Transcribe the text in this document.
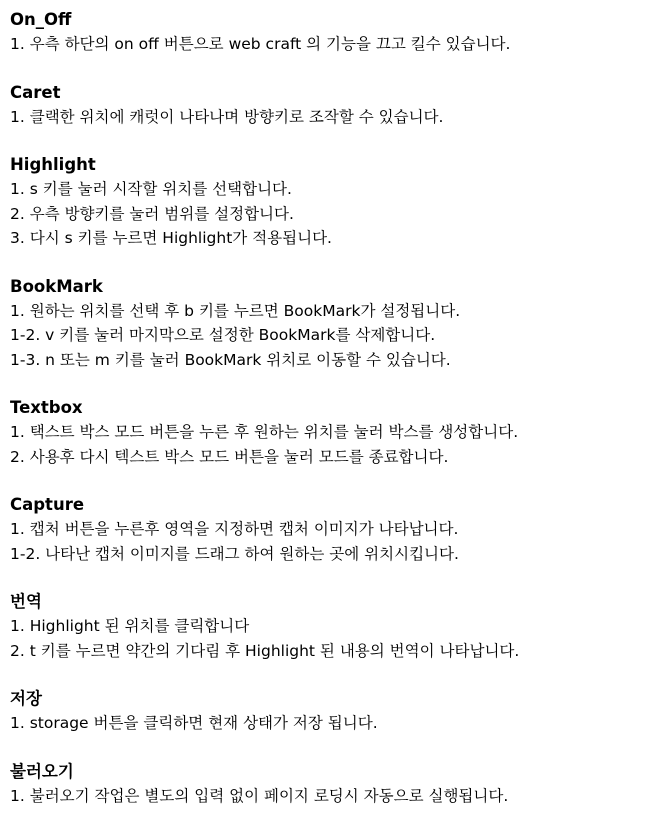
On_Off
1. 우측 하단의 on off 버튼으로 web craft 의 기능을 끄고 킬수 있습니다.
Caret
1. 클랙한 위치에 캐럿이 나타나며 방향키로 조작할 수 있습니다.
Highlight
1. s 키를 눌러 시작할 위치를 선택합니다.
2. 우측 방향키를 눌러 범위를 설정합니다.
3. 다시 s 키를 누르면 Highlight가 적용됩니다.
BookMark
1. 원하는 위치를 선택 후 b 키를 누르면 BookMark가 설정됩니다.
1-2. v 키를 눌러 마지막으로 설정한 BookMark를 삭제합니다.
1-3. n 또는 m 키를 눌러 BookMark 위치로 이동할 수 있습니다.
Textbox
1. 택스트 박스 모드 버튼을 누른 후 원하는 위치를 눌러 박스를 생성합니다.
2. 사용후 다시 텍스트 박스 모드 버튼을 눌러 모드를 종료합니다.
Capture
1. 캡처 버튼을 누른후 영역을 지정하면 캡처 이미지가 나타납니다.
1-2. 나타난 캡처 이미지를 드래그 하여 원하는 곳에 위치시킵니다.
번역
1. Highlight 된 위치를 클릭합니다
2. t 키를 누르면 약간의 기다림 후 Highlight 된 내용의 번역이 나타납니다.
저장
1. storage 버튼을 클릭하면 현재 상태가 저장 됩니다.
불러오기
1. 불러오기 작업은 별도의 입력 없이 페이지 로딩시 자동으로 실행됩니다.
